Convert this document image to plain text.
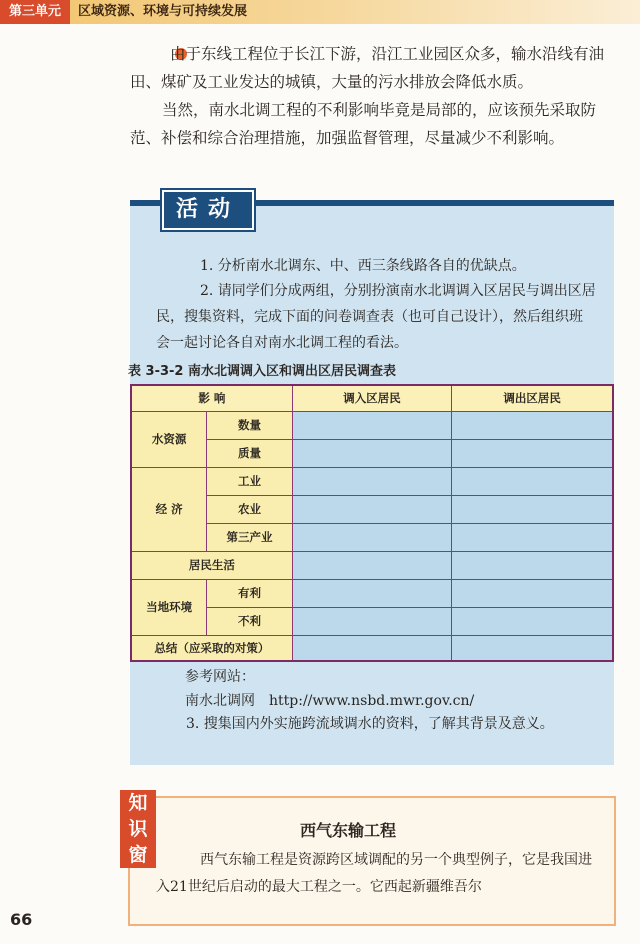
第三单元	区域资源、环境与可持续发展

由于东线工程位于长江下游，沿江工业园区众多，输水沿线有油田、煤矿及工业发达的城镇，大量的污水排放会降低水质。

当然，南水北调工程的不利影响毕竟是局部的，应该预先采取防范、补偿和综合治理措施，加强监督管理，尽量减少不利影响。

活动

1. 分析南水北调东、中、西三条线路各自的优缺点。

2. 请同学们分成两组，分别扮演南水北调调入区居民与调出区居民，搜集资料，完成下面的问卷调查表（也可自己设计），然后组织班会一起讨论各自对南水北调工程的看法。

表 3-3-2 南水北调调入区和调出区居民调查表
影 响		调入区居民	调出区居民
水资源	数量		
	质量		
经 济	工业		
	农业		
	第三产业		
居民生活			
当地环境	有利		
	不利		
总结（应采取的对策）			

参考网站：

南水北调网　http://www.nsbd.mwr.gov.cn/

3. 搜集国内外实施跨流域调水的资料，了解其背景及意义。

知识窗
西气东输工程

西气东输工程是资源跨区域调配的另一个典型例子，它是我国进入21世纪后启动的最大工程之一。它西起新疆维吾尔

66
